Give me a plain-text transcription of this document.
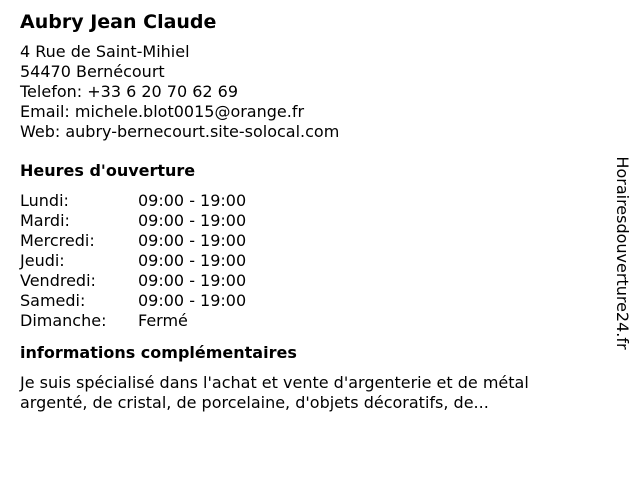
Aubry Jean Claude
4 Rue de Saint-Mihiel
54470 Bernécourt
Telefon: +33 6 20 70 62 69
Email: michele.blot0015@orange.fr
Web: aubry-bernecourt.site-solocal.com
Heures d'ouverture
Lundi:	09:00 - 19:00
Mardi:	09:00 - 19:00
Mercredi:	09:00 - 19:00
Jeudi:	09:00 - 19:00
Vendredi:	09:00 - 19:00
Samedi:	09:00 - 19:00
Dimanche:	Fermé
informations complémentaires
Je suis spécialisé dans l'achat et vente d'argenterie et de métal argenté, de cristal, de porcelaine, d'objets décoratifs, de...
Horairesdouverture24.fr
